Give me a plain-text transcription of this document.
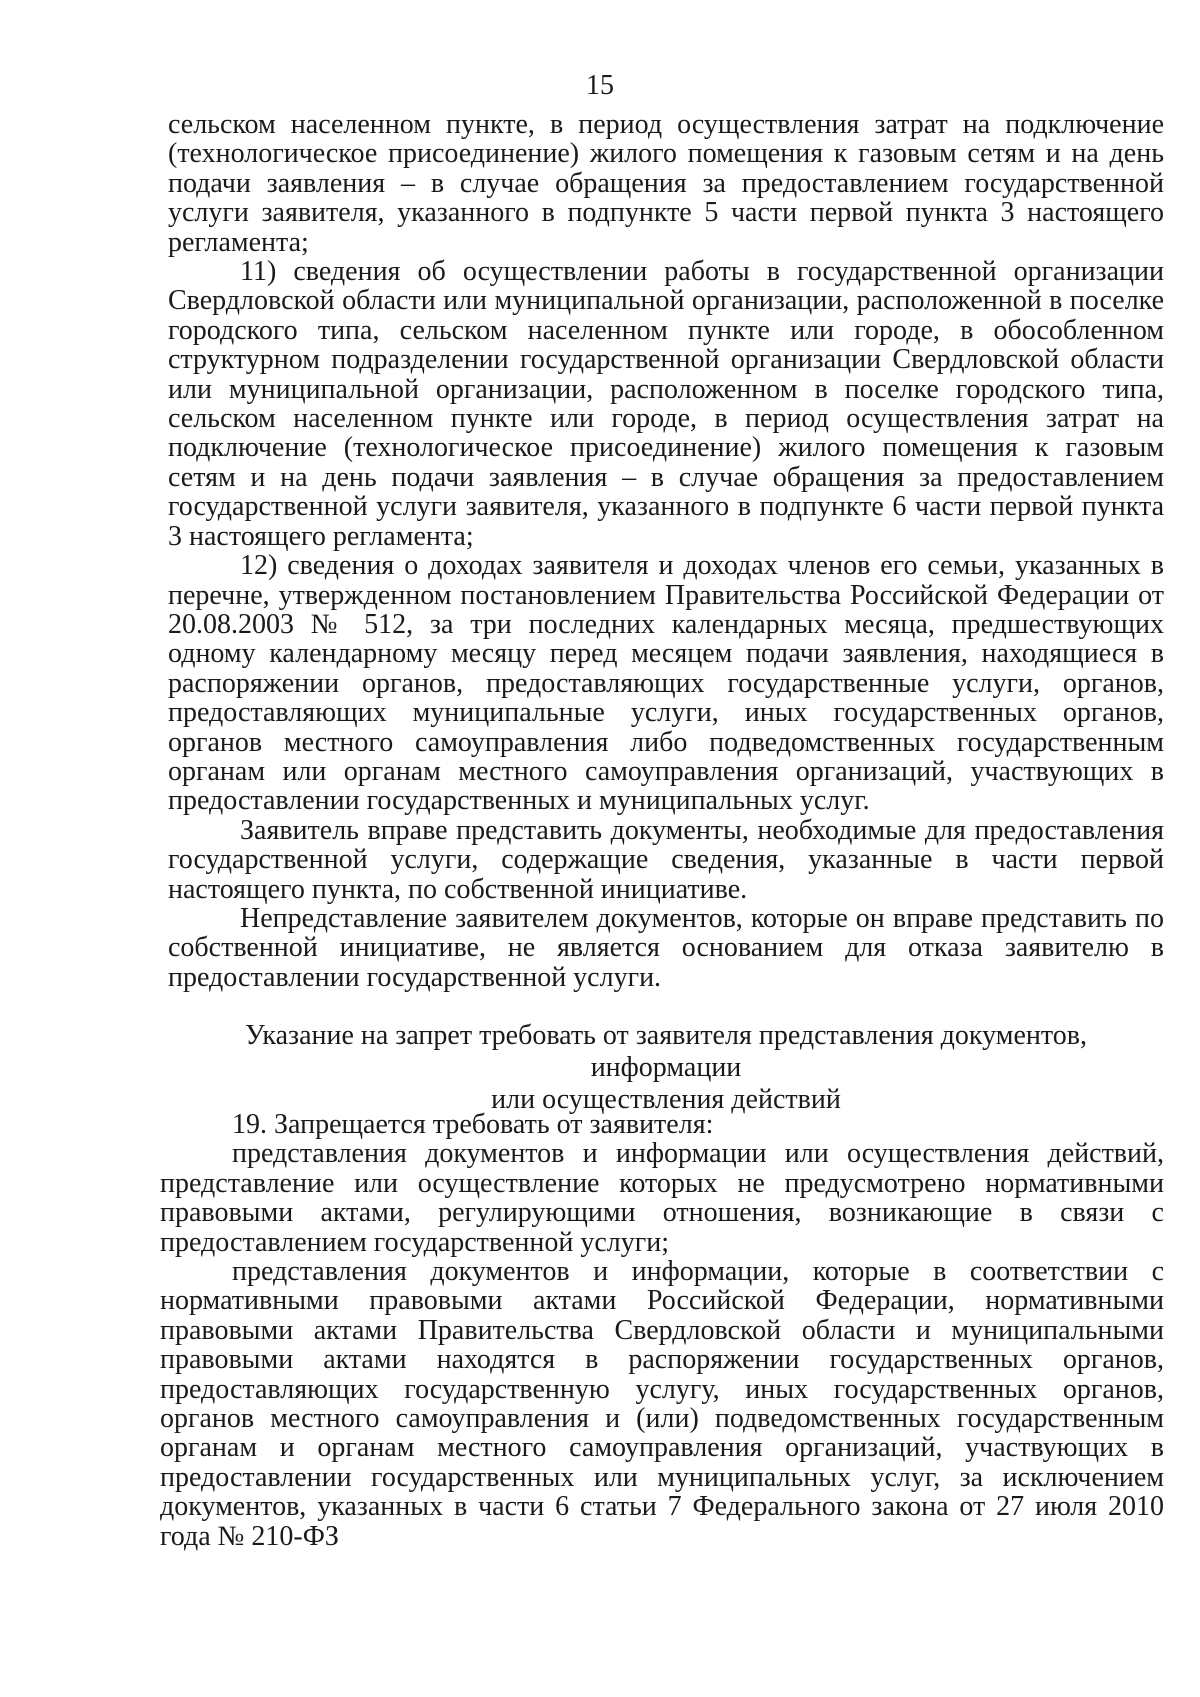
15

сельском населенном пункте, в период осуществления затрат на подключение (технологическое присоединение) жилого помещения к газовым сетям и на день подачи заявления – в случае обращения за предоставлением государственной услуги заявителя, указанного в подпункте 5 части первой пункта 3 настоящего регламента;

11) сведения об осуществлении работы в государственной организации Свердловской области или муниципальной организации, расположенной в поселке городского типа, сельском населенном пункте или городе, в обособленном структурном подразделении государственной организации Свердловской области или муниципальной организации, расположенном в поселке городского типа, сельском населенном пункте или городе, в период осуществления затрат на подключение (технологическое присоединение) жилого помещения к газовым сетям и на день подачи заявления – в случае обращения за предоставлением государственной услуги заявителя, указанного в подпункте 6 части первой пункта 3 настоящего регламента;

12) сведения о доходах заявителя и доходах членов его семьи, указанных в перечне, утвержденном постановлением Правительства Российской Федерации от 20.08.2003 № 512, за три последних календарных месяца, предшествующих одному календарному месяцу перед месяцем подачи заявления, находящиеся в распоряжении органов, предоставляющих государственные услуги, органов, предоставляющих муниципальные услуги, иных государственных органов, органов местного самоуправления либо подведомственных государственным органам или органам местного самоуправления организаций, участвующих в предоставлении государственных и муниципальных услуг.

Заявитель вправе представить документы, необходимые для предоставления государственной услуги, содержащие сведения, указанные в части первой настоящего пункта, по собственной инициативе.

Непредставление заявителем документов, которые он вправе представить по собственной инициативе, не является основанием для отказа заявителю в предоставлении государственной услуги.

Указание на запрет требовать от заявителя представления документов, информации

или осуществления действий

19. Запрещается требовать от заявителя:

представления документов и информации или осуществления действий, представление или осуществление которых не предусмотрено нормативными правовыми актами, регулирующими отношения, возникающие в связи с предоставлением государственной услуги;

представления документов и информации, которые в соответствии с нормативными правовыми актами Российской Федерации, нормативными правовыми актами Правительства Свердловской области и муниципальными правовыми актами находятся в распоряжении государственных органов, предоставляющих государственную услугу, иных государственных органов, органов местного самоуправления и (или) подведомственных государственным органам и органам местного самоуправления организаций, участвующих в предоставлении государственных или муниципальных услуг, за исключением документов, указанных в части 6 статьи 7 Федерального закона от 27 июля 2010 года № 210-ФЗ
